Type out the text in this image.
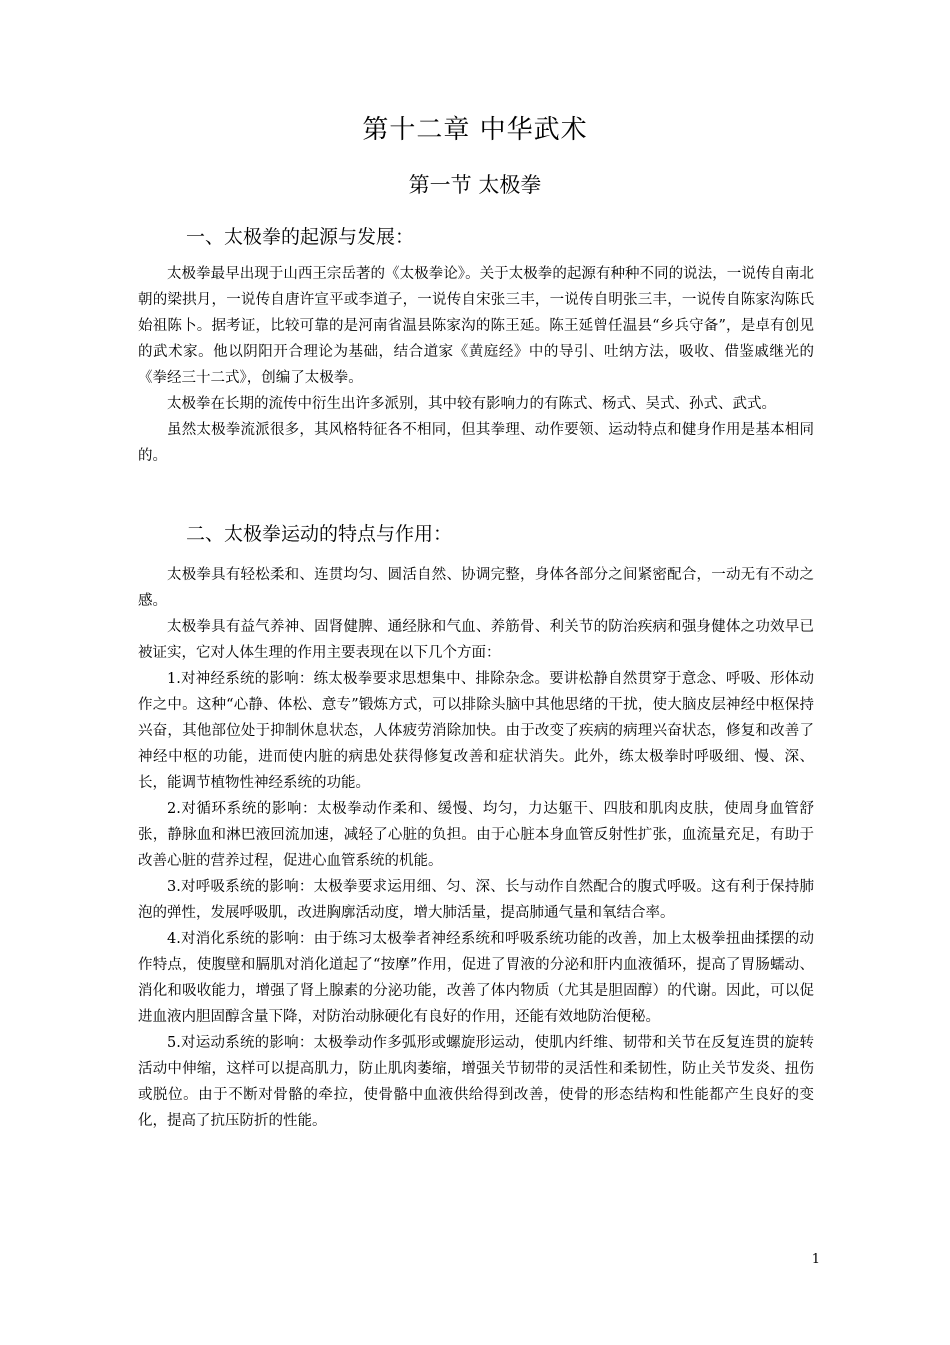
第十二章 中华武术
第一节 太极拳
一、太极拳的起源与发展：

太极拳最早出现于山西王宗岳著的《太极拳论》。关于太极拳的起源有种种不同的说法，一说传自南北朝的梁拱月，一说传自唐许宣平或李道子，一说传自宋张三丰，一说传自明张三丰，一说传自陈家沟陈氏始祖陈卜。据考证，比较可靠的是河南省温县陈家沟的陈王延。陈王延曾任温县“乡兵守备”，是卓有创见的武术家。他以阴阳开合理论为基础，结合道家《黄庭经》中的导引、吐纳方法，吸收、借鉴戚继光的《拳经三十二式》，创编了太极拳。

太极拳在长期的流传中衍生出许多派别，其中较有影响力的有陈式、杨式、吴式、孙式、武式。

虽然太极拳流派很多，其风格特征各不相同，但其拳理、动作要领、运动特点和健身作用是基本相同的。

二、太极拳运动的特点与作用：

太极拳具有轻松柔和、连贯均匀、圆活自然、协调完整，身体各部分之间紧密配合，一动无有不动之感。

太极拳具有益气养神、固肾健脾、通经脉和气血、养筋骨、利关节的防治疾病和强身健体之功效早已被证实，它对人体生理的作用主要表现在以下几个方面：

1.对神经系统的影响：练太极拳要求思想集中、排除杂念。要讲松静自然贯穿于意念、呼吸、形体动作之中。这种“心静、体松、意专”锻炼方式，可以排除头脑中其他思绪的干扰，使大脑皮层神经中枢保持兴奋，其他部位处于抑制休息状态，人体疲劳消除加快。由于改变了疾病的病理兴奋状态，修复和改善了神经中枢的功能，进而使内脏的病患处获得修复改善和症状消失。此外，练太极拳时呼吸细、慢、深、长，能调节植物性神经系统的功能。

2.对循环系统的影响：太极拳动作柔和、缓慢、均匀，力达躯干、四肢和肌肉皮肤，使周身血管舒张，静脉血和淋巴液回流加速，减轻了心脏的负担。由于心脏本身血管反射性扩张，血流量充足，有助于改善心脏的营养过程，促进心血管系统的机能。

3.对呼吸系统的影响：太极拳要求运用细、匀、深、长与动作自然配合的腹式呼吸。这有利于保持肺泡的弹性，发展呼吸肌，改进胸廓活动度，增大肺活量，提高肺通气量和氧结合率。

4.对消化系统的影响：由于练习太极拳者神经系统和呼吸系统功能的改善，加上太极拳扭曲揉摆的动作特点，使腹壁和膈肌对消化道起了“按摩”作用，促进了胃液的分泌和肝内血液循环，提高了胃肠蠕动、消化和吸收能力，增强了肾上腺素的分泌功能，改善了体内物质（尤其是胆固醇）的代谢。因此，可以促进血液内胆固醇含量下降，对防治动脉硬化有良好的作用，还能有效地防治便秘。

5.对运动系统的影响：太极拳动作多弧形或螺旋形运动，使肌内纤维、韧带和关节在反复连贯的旋转活动中伸缩，这样可以提高肌力，防止肌肉萎缩，增强关节韧带的灵活性和柔韧性，防止关节发炎、扭伤或脱位。由于不断对骨骼的牵拉，使骨骼中血液供给得到改善，使骨的形态结构和性能都产生良好的变化，提高了抗压防折的性能。

1
